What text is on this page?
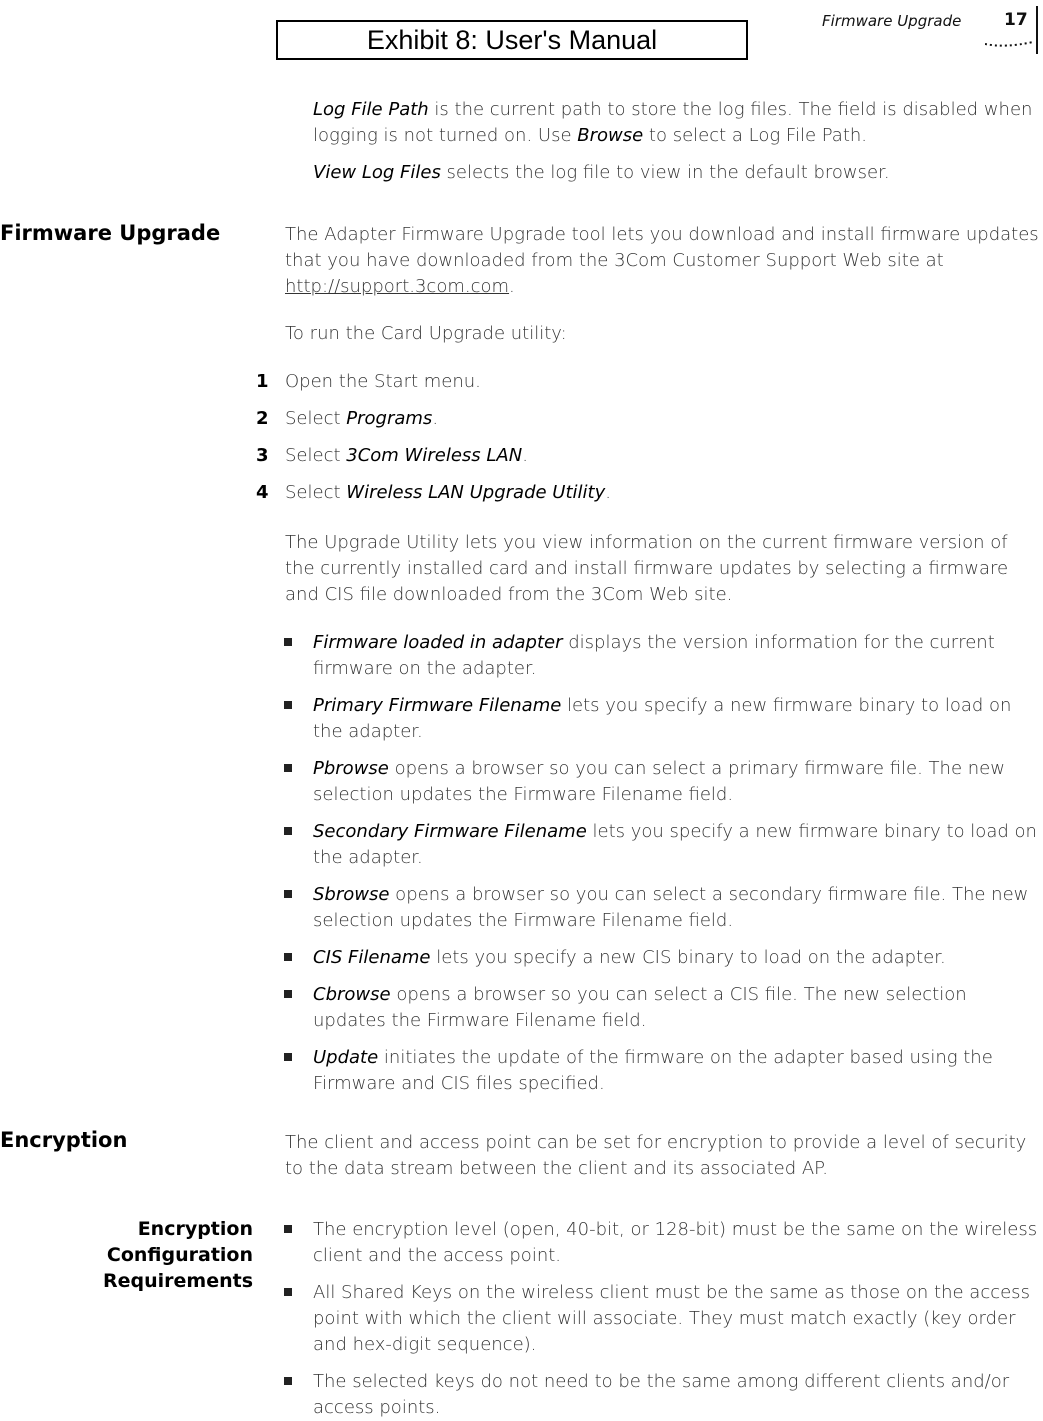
Exhibit 8: User's Manual
Firmware Upgrade	17
Log File Path is the current path to store the log files. The field is disabled when logging is not turned on. Use Browse to select a Log File Path.
View Log Files selects the log file to view in the default browser.
Firmware Upgrade	The Adapter Firmware Upgrade tool lets you download and install firmware updates that you have downloaded from the 3Com Customer Support Web site at http://support.3com.com.
To run the Card Upgrade utility:
1 Open the Start menu.
2 Select Programs.
3 Select 3Com Wireless LAN.
4 Select Wireless LAN Upgrade Utility.
The Upgrade Utility lets you view information on the current firmware version of the currently installed card and install firmware updates by selecting a firmware and CIS file downloaded from the 3Com Web site.
Firmware loaded in adapter displays the version information for the current firmware on the adapter.
Primary Firmware Filename lets you specify a new firmware binary to load on the adapter.
Pbrowse opens a browser so you can select a primary firmware file. The new selection updates the Firmware Filename field.
Secondary Firmware Filename lets you specify a new firmware binary to load on the adapter.
Sbrowse opens a browser so you can select a secondary firmware file. The new selection updates the Firmware Filename field.
CIS Filename lets you specify a new CIS binary to load on the adapter.
Cbrowse opens a browser so you can select a CIS file. The new selection updates the Firmware Filename field.
Update initiates the update of the firmware on the adapter based using the Firmware and CIS files specified.
Encryption	The client and access point can be set for encryption to provide a level of security to the data stream between the client and its associated AP.
Encryption
Configuration
Requirements
The encryption level (open, 40-bit, or 128-bit) must be the same on the wireless client and the access point.
All Shared Keys on the wireless client must be the same as those on the access point with which the client will associate. They must match exactly (key order and hex-digit sequence).
The selected keys do not need to be the same among different clients and/or access points.
